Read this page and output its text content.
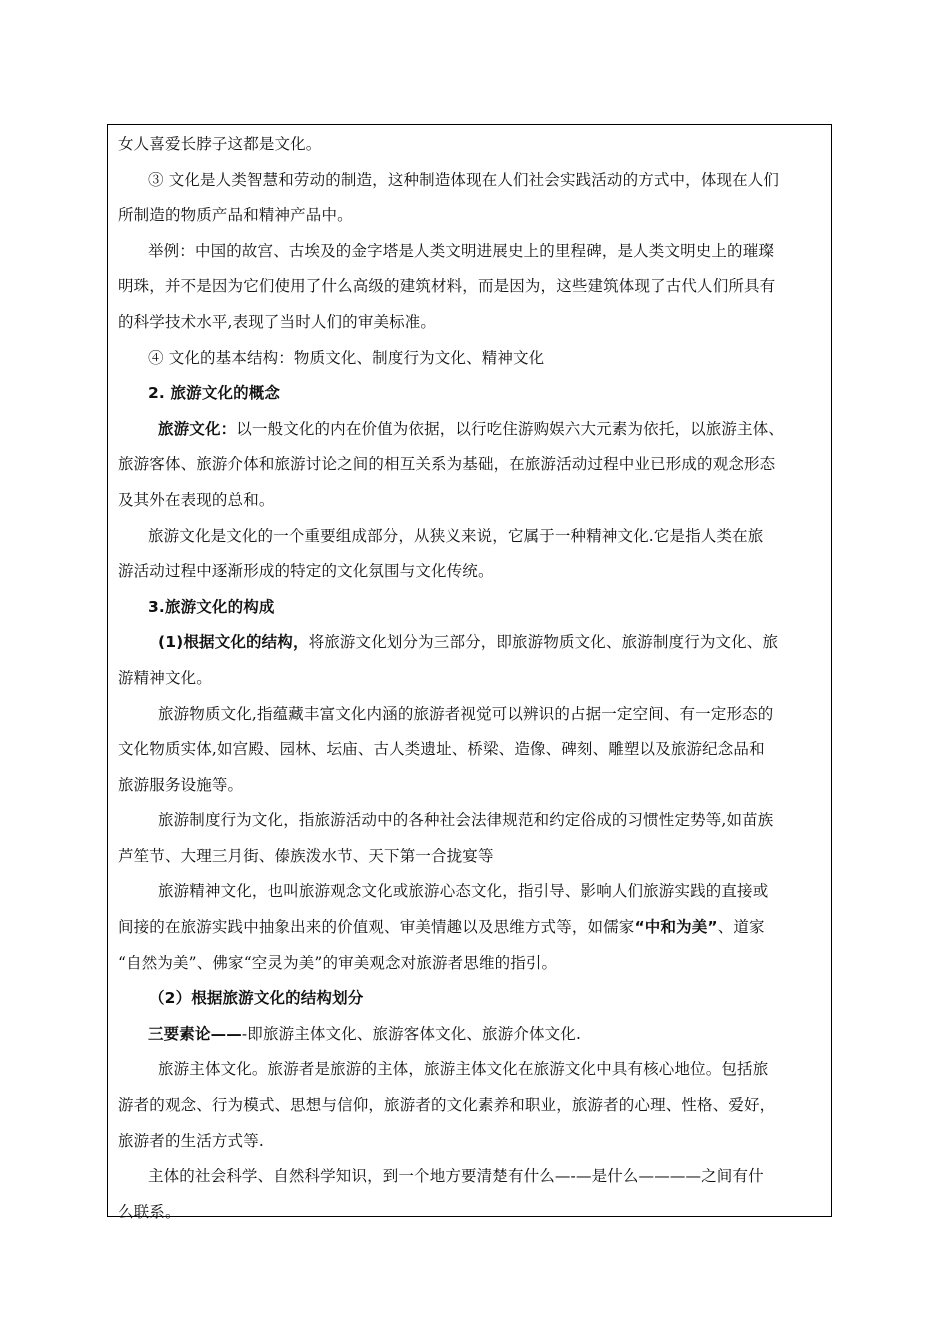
女人喜爱长脖子这都是文化。
③ 文化是人类智慧和劳动的制造，这种制造体现在人们社会实践活动的方式中，体现在人们
所制造的物质产品和精神产品中。
举例：中国的故宫、古埃及的金字塔是人类文明进展史上的里程碑，是人类文明史上的璀璨
明珠，并不是因为它们使用了什么高级的建筑材料，而是因为，这些建筑体现了古代人们所具有
的科学技术水平,表现了当时人们的审美标准。
④ 文化的基本结构：物质文化、制度行为文化、精神文化
2. 旅游文化的概念
旅游文化：以一般文化的内在价值为依据，以行吃住游购娱六大元素为依托，以旅游主体、
旅游客体、旅游介体和旅游讨论之间的相互关系为基础，在旅游活动过程中业已形成的观念形态
及其外在表现的总和。
旅游文化是文化的一个重要组成部分，从狭义来说，它属于一种精神文化.它是指人类在旅
游活动过程中逐渐形成的特定的文化氛围与文化传统。
3.旅游文化的构成
(1)根据文化的结构，将旅游文化划分为三部分，即旅游物质文化、旅游制度行为文化、旅
游精神文化。
旅游物质文化,指蕴藏丰富文化内涵的旅游者视觉可以辨识的占据一定空间、有一定形态的
文化物质实体,如宫殿、园林、坛庙、古人类遗址、桥梁、造像、碑刻、雕塑以及旅游纪念品和
旅游服务设施等。
旅游制度行为文化，指旅游活动中的各种社会法律规范和约定俗成的习惯性定势等,如苗族
芦笙节、大理三月街、傣族泼水节、天下第一合拢宴等
旅游精神文化，也叫旅游观念文化或旅游心态文化，指引导、影响人们旅游实践的直接或
间接的在旅游实践中抽象出来的价值观、审美情趣以及思维方式等，如儒家“中和为美”、道家
“自然为美”、佛家“空灵为美”的审美观念对旅游者思维的指引。
（2）根据旅游文化的结构划分
三要素论——-即旅游主体文化、旅游客体文化、旅游介体文化.
旅游主体文化。旅游者是旅游的主体，旅游主体文化在旅游文化中具有核心地位。包括旅
游者的观念、行为模式、思想与信仰，旅游者的文化素养和职业，旅游者的心理、性格、爱好，
旅游者的生活方式等.
主体的社会科学、自然科学知识，到一个地方要清楚有什么—-—是什么————之间有什
么联系。
